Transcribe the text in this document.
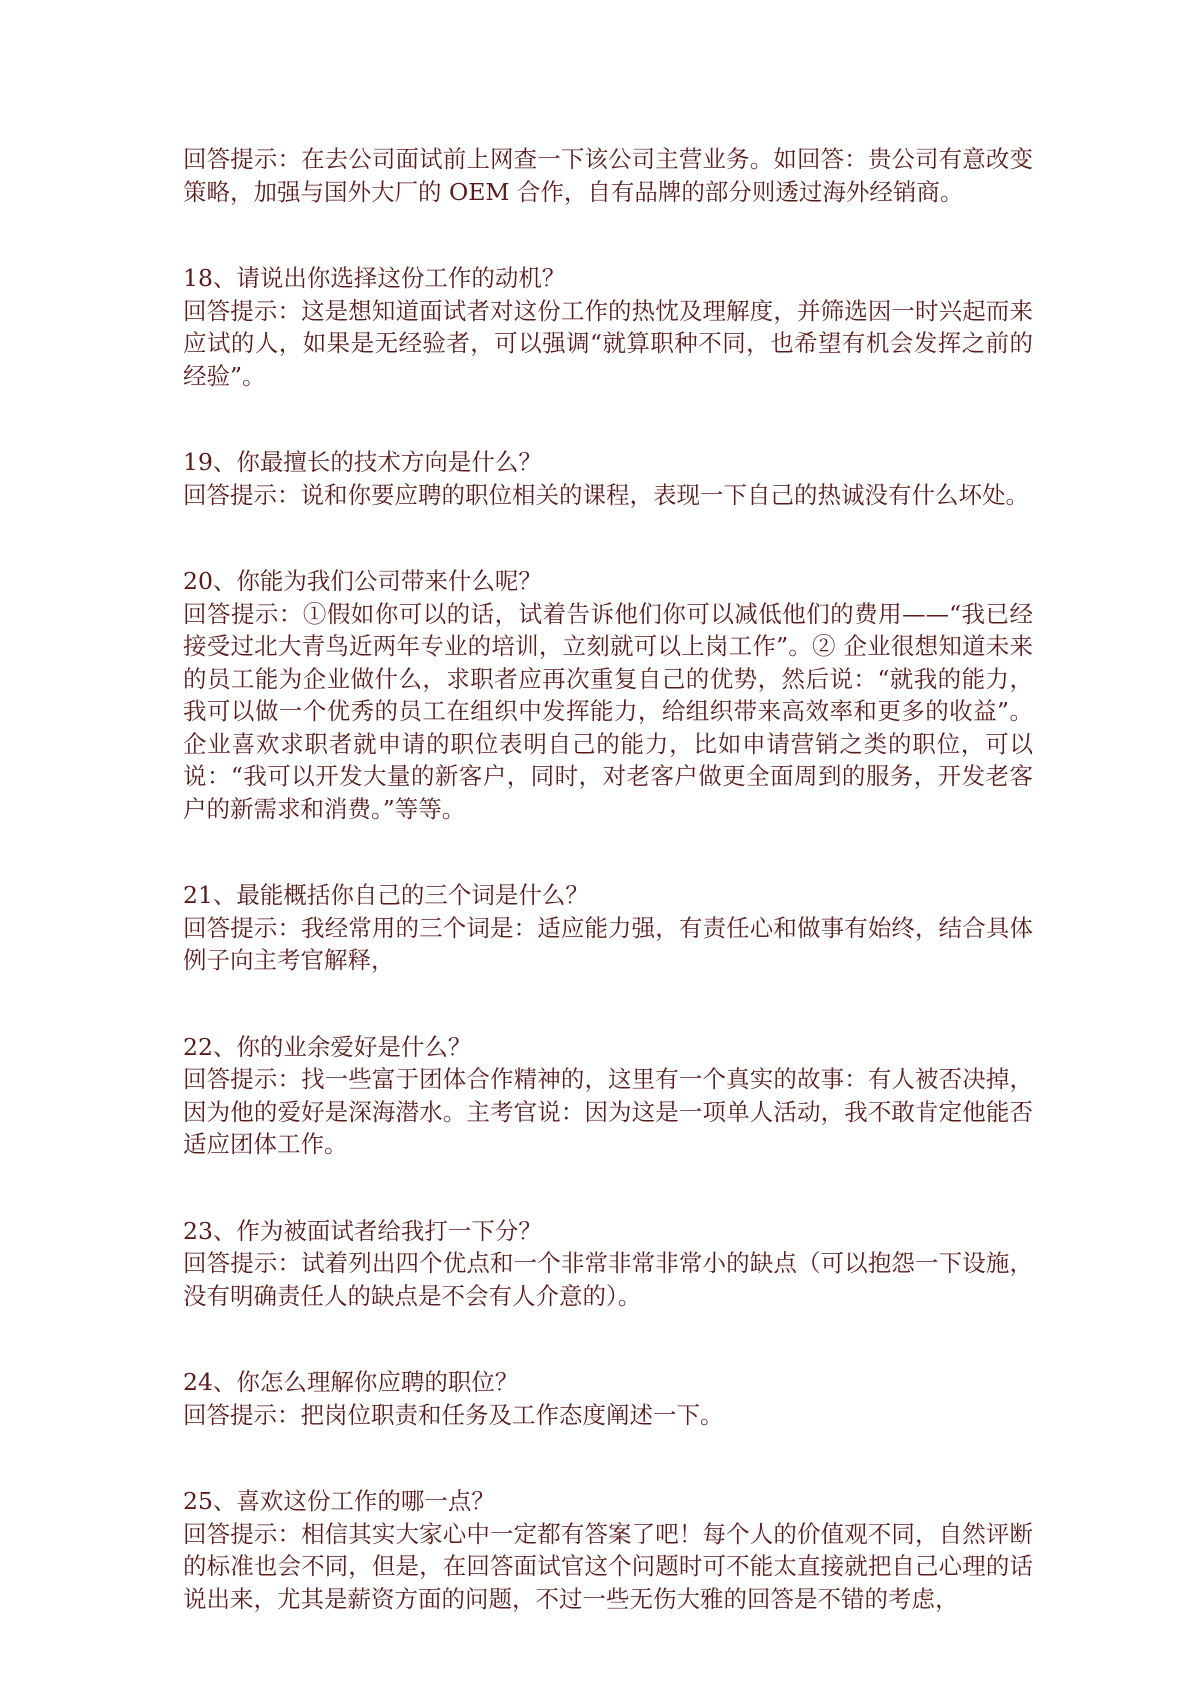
回答提示：在去公司面试前上网查一下该公司主营业务。如回答：贵公司有意改变策略，加强与国外大厂的 OEM 合作，自有品牌的部分则透过海外经销商。

18、请说出你选择这份工作的动机？

回答提示：这是想知道面试者对这份工作的热忱及理解度，并筛选因一时兴起而来应试的人，如果是无经验者，可以强调“就算职种不同，也希望有机会发挥之前的经验”。

19、你最擅长的技术方向是什么？

回答提示：说和你要应聘的职位相关的课程，表现一下自己的热诚没有什么坏处。

20、你能为我们公司带来什么呢？

回答提示：①假如你可以的话，试着告诉他们你可以减低他们的费用——“我已经接受过北大青鸟近两年专业的培训，立刻就可以上岗工作”。② 企业很想知道未来的员工能为企业做什么，求职者应再次重复自己的优势，然后说：“就我的能力，我可以做一个优秀的员工在组织中发挥能力，给组织带来高效率和更多的收益”。企业喜欢求职者就申请的职位表明自己的能力，比如申请营销之类的职位，可以说：“我可以开发大量的新客户，同时，对老客户做更全面周到的服务，开发老客户的新需求和消费。”等等。

21、最能概括你自己的三个词是什么？

回答提示：我经常用的三个词是：适应能力强，有责任心和做事有始终，结合具体例子向主考官解释，

22、你的业余爱好是什么？

回答提示：找一些富于团体合作精神的，这里有一个真实的故事：有人被否决掉，因为他的爱好是深海潜水。主考官说：因为这是一项单人活动，我不敢肯定他能否适应团体工作。

23、作为被面试者给我打一下分？

回答提示：试着列出四个优点和一个非常非常非常小的缺点（可以抱怨一下设施，没有明确责任人的缺点是不会有人介意的）。

24、你怎么理解你应聘的职位？

回答提示：把岗位职责和任务及工作态度阐述一下。

25、喜欢这份工作的哪一点？

回答提示：相信其实大家心中一定都有答案了吧！每个人的价值观不同，自然评断的标准也会不同，但是，在回答面试官这个问题时可不能太直接就把自己心理的话说出来，尤其是薪资方面的问题，不过一些无伤大雅的回答是不错的考虑，
